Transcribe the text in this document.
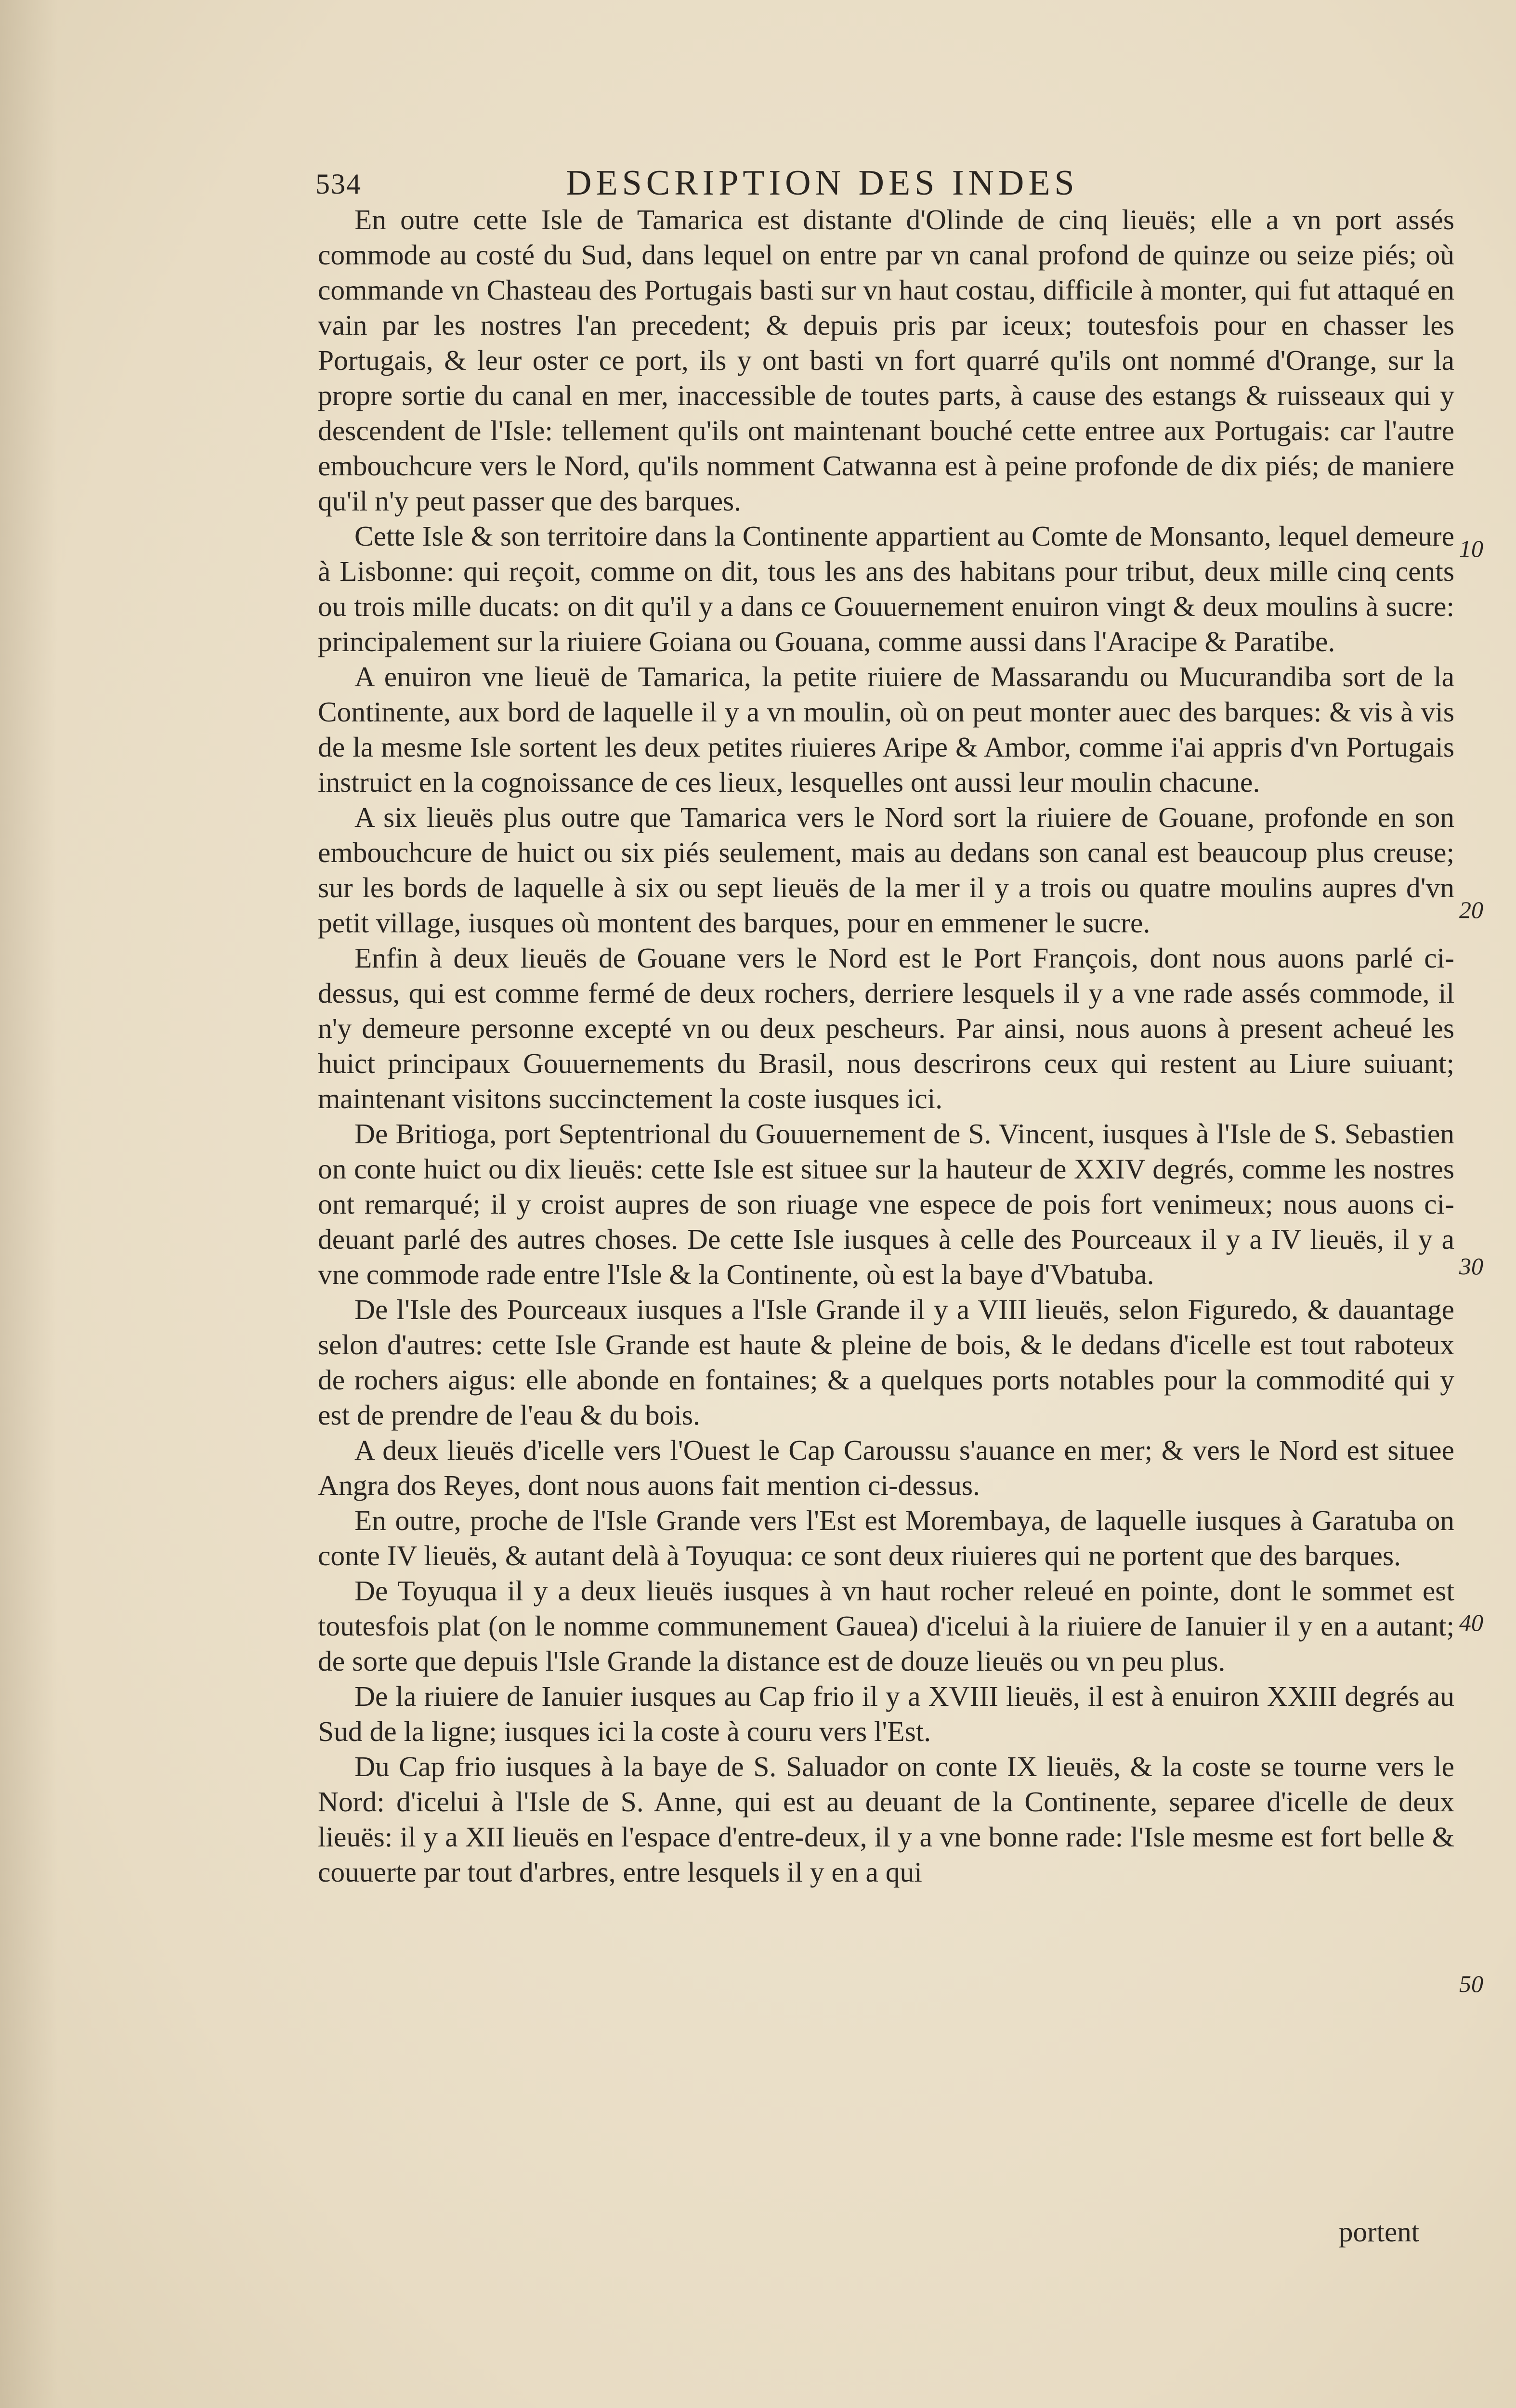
534	DESCRIPTION DES INDES

En outre cette Isle de Tamarica est distante d'Olinde de cinq lieuës; elle a vn port assés commode au costé du Sud, dans lequel on entre par vn canal profond de quinze ou seize piés; où commande vn Chasteau des Portugais basti sur vn haut costau, difficile à monter, qui fut attaqué en vain par les nostres l'an precedent; & depuis pris par iceux; toutesfois pour en chasser les Portugais, & leur oster ce port, ils y ont basti vn fort quarré qu'ils ont nommé d'Orange, sur la propre sortie du canal en mer, inaccessible de toutes parts, à cause des estangs & ruisseaux qui y descendent de l'Isle: tellement qu'ils ont maintenant bouché cette entree aux Portugais: car l'autre embouchcure vers le Nord, qu'ils nomment Catwanna est à peine profonde de dix piés; de maniere qu'il n'y peut passer que des barques.

Cette Isle & son territoire dans la Continente appartient au Comte de Monsanto, lequel demeure à Lisbonne: qui reçoit, comme on dit, tous les ans des habitans pour tribut, deux mille cinq cents ou trois mille ducats: on dit qu'il y a dans ce Gouuernement enuiron vingt & deux moulins à sucre: principalement sur la riuiere Goiana ou Gouana, comme aussi dans l'Aracipe & Paratibe.

A enuiron vne lieuë de Tamarica, la petite riuiere de Massarandu ou Mucurandiba sort de la Continente, aux bord de laquelle il y a vn moulin, où on peut monter auec des barques: & vis à vis de la mesme Isle sortent les deux petites riuieres Aripe & Ambor, comme i'ai appris d'vn Portugais instruict en la cognoissance de ces lieux, lesquelles ont aussi leur moulin chacune.

A six lieuës plus outre que Tamarica vers le Nord sort la riuiere de Gouane, profonde en son embouchcure de huict ou six piés seulement, mais au dedans son canal est beaucoup plus creuse; sur les bords de laquelle à six ou sept lieuës de la mer il y a trois ou quatre moulins aupres d'vn petit village, iusques où montent des barques, pour en emmener le sucre.

Enfin à deux lieuës de Gouane vers le Nord est le Port François, dont nous auons parlé ci-dessus, qui est comme fermé de deux rochers, derriere lesquels il y a vne rade assés commode, il n'y demeure personne excepté vn ou deux pescheurs. Par ainsi, nous auons à present acheué les huict principaux Gouuernements du Brasil, nous descrirons ceux qui restent au Liure suiuant; maintenant visitons succinctement la coste iusques ici.

De Britioga, port Septentrional du Gouuernement de S. Vincent, iusques à l'Isle de S. Sebastien on conte huict ou dix lieuës: cette Isle est situee sur la hauteur de XXIV degrés, comme les nostres ont remarqué; il y croist aupres de son riuage vne espece de pois fort venimeux; nous auons ci-deuant parlé des autres choses. De cette Isle iusques à celle des Pourceaux il y a IV lieuës, il y a vne commode rade entre l'Isle & la Continente, où est la baye d'Vbatuba.

De l'Isle des Pourceaux iusques a l'Isle Grande il y a VIII lieuës, selon Figuredo, & dauantage selon d'autres: cette Isle Grande est haute & pleine de bois, & le dedans d'icelle est tout raboteux de rochers aigus: elle abonde en fontaines; & a quelques ports notables pour la commodité qui y est de prendre de l'eau & du bois.

A deux lieuës d'icelle vers l'Ouest le Cap Caroussu s'auance en mer; & vers le Nord est situee Angra dos Reyes, dont nous auons fait mention ci-dessus.

En outre, proche de l'Isle Grande vers l'Est est Morembaya, de laquelle iusques à Garatuba on conte IV lieuës, & autant delà à Toyuqua: ce sont deux riuieres qui ne portent que des barques.

De Toyuqua il y a deux lieuës iusques à vn haut rocher releué en pointe, dont le sommet est toutesfois plat (on le nomme communement Gauea) d'icelui à la riuiere de Ianuier il y en a autant; de sorte que depuis l'Isle Grande la distance est de douze lieuës ou vn peu plus.

De la riuiere de Ianuier iusques au Cap frio il y a XVIII lieuës, il est à enuiron XXIII degrés au Sud de la ligne; iusques ici la coste à couru vers l'Est.

Du Cap frio iusques à la baye de S. Saluador on conte IX lieuës, & la coste se tourne vers le Nord: d'icelui à l'Isle de S. Anne, qui est au deuant de la Continente, separee d'icelle de deux lieuës: il y a XII lieuës en l'espace d'entre-deux, il y a vne bonne rade: l'Isle mesme est fort belle & couuerte par tout d'arbres, entre lesquels il y en a qui

10
20
30
40
50
portent
